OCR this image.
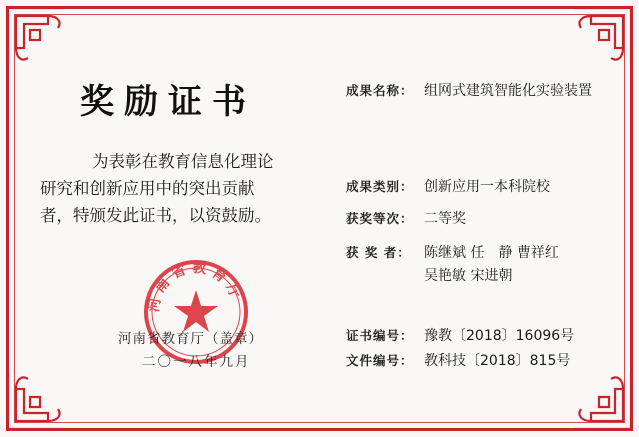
奖励证书
为表彰在教育信息化理论
研究和创新应用中的突出贡献
者，特颁发此证书，以资鼓励。
河南省教育厅
河南省教育厅（盖章）
二〇一八年九月
成果名称： 组网式建筑智能化实验装置
成果类别： 创新应用一本科院校
获奖等次： 二等奖
获 奖 者： 陈继斌 任　静 曹祥红
吴艳敏 宋进朝
证书编号： 豫教〔2018〕16096号
文件编号： 教科技〔2018〕815号
